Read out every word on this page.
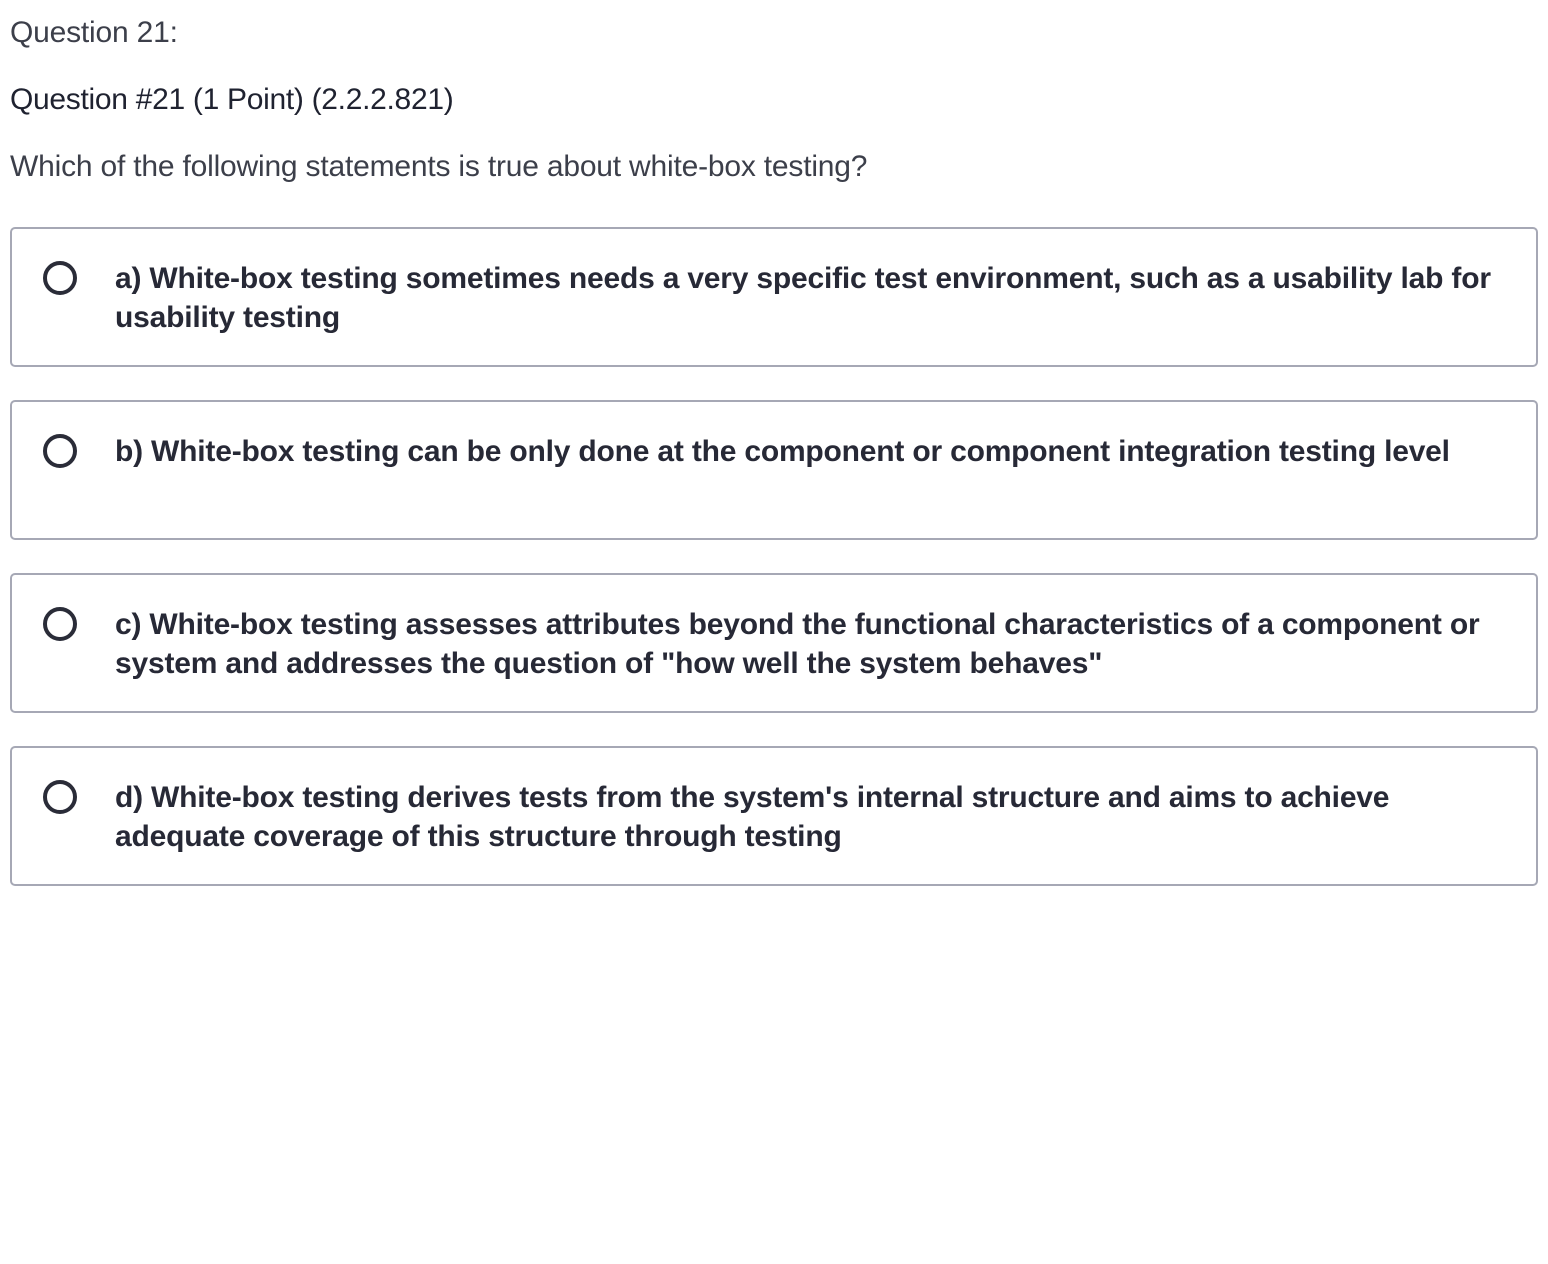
Question 21:

Question #21 (1 Point) (2.2.2.821)

Which of the following statements is true about white-box testing?

a) White-box testing sometimes needs a very specific test environment, such as a usability lab for usability testing
b) White-box testing can be only done at the component or component integration testing level
c) White-box testing assesses attributes beyond the functional characteristics of a component or system and addresses the question of "how well the system behaves"
d) White-box testing derives tests from the system's internal structure and aims to achieve adequate coverage of this structure through testing
